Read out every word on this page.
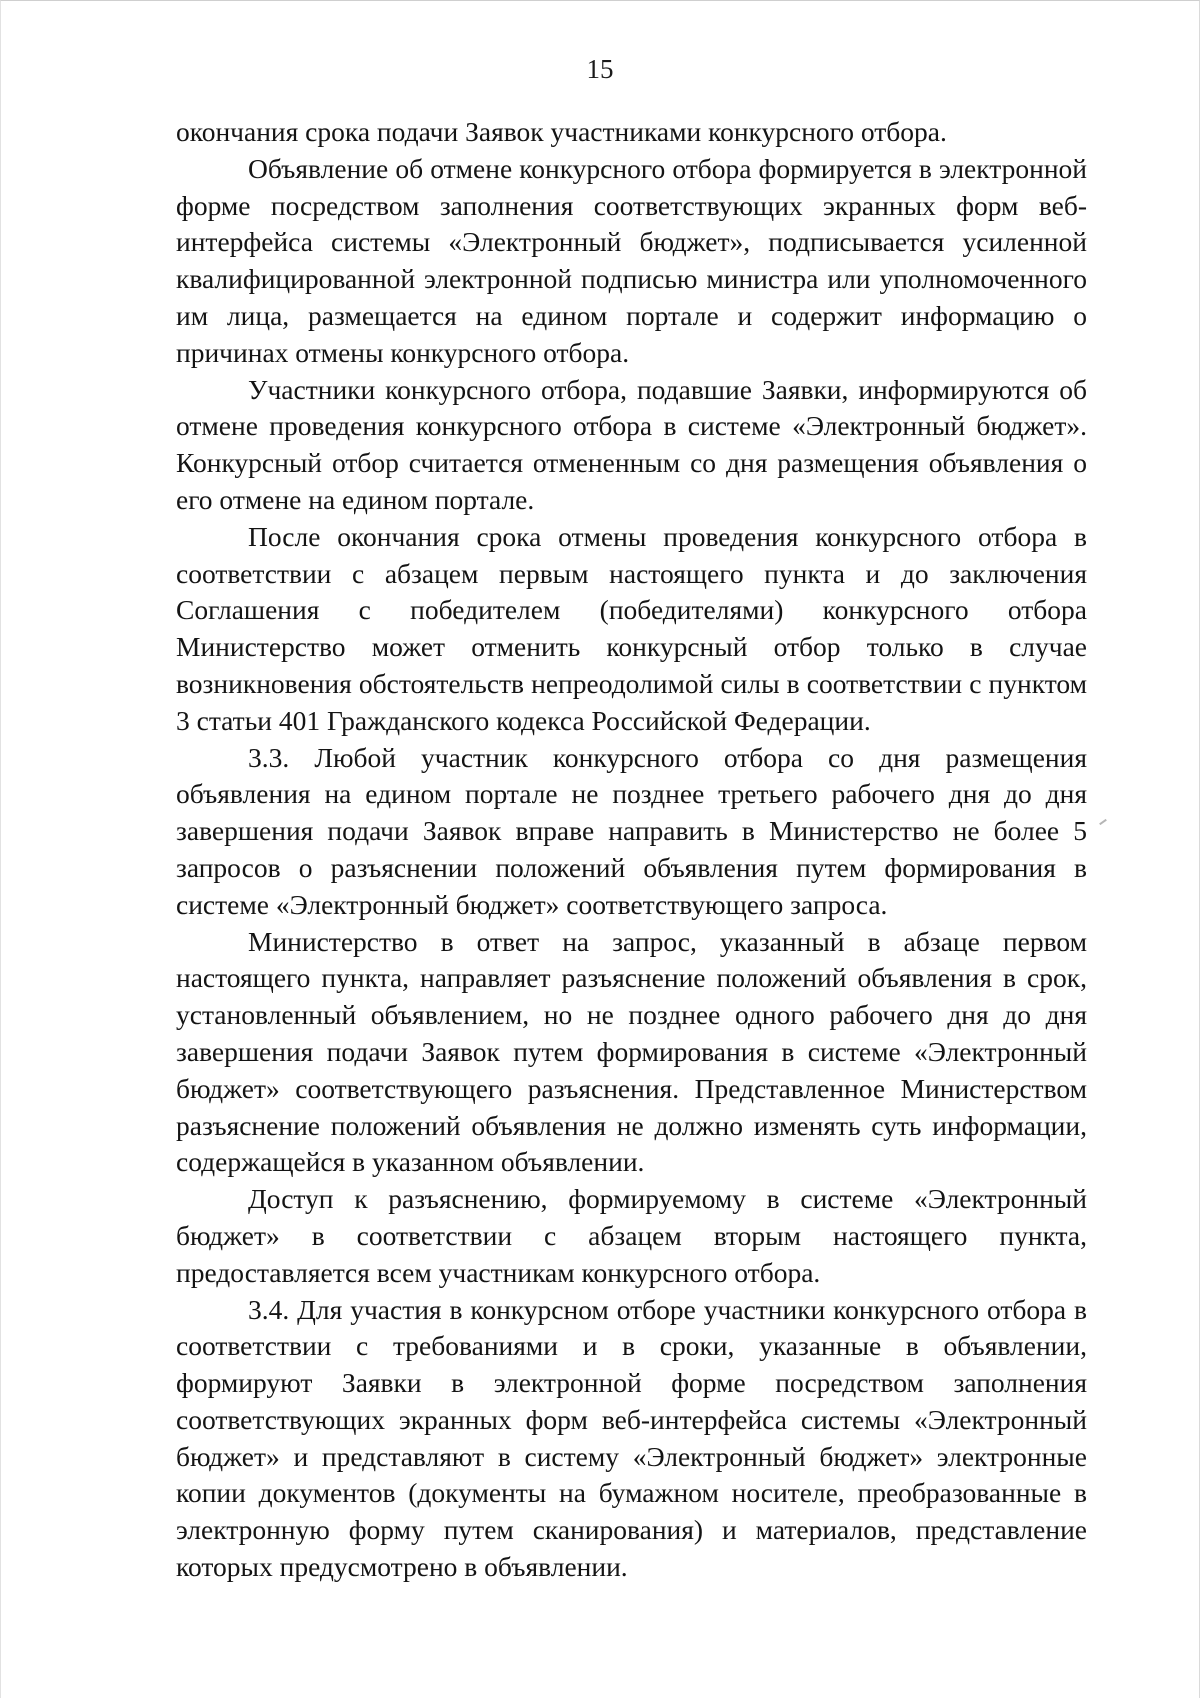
15

окончания срока подачи Заявок участниками конкурсного отбора.

Объявление об отмене конкурсного отбора формируется в электронной форме посредством заполнения соответствующих экранных форм веб-интерфейса системы «Электронный бюджет», подписывается усиленной квалифицированной электронной подписью министра или уполномоченного им лица, размещается на едином портале и содержит информацию о причинах отмены конкурсного отбора.

Участники конкурсного отбора, подавшие Заявки, информируются об отмене проведения конкурсного отбора в системе «Электронный бюджет». Конкурсный отбор считается отмененным со дня размещения объявления о его отмене на едином портале.

После окончания срока отмены проведения конкурсного отбора в соответствии с абзацем первым настоящего пункта и до заключения Соглашения с победителем (победителями) конкурсного отбора Министерство может отменить конкурсный отбор только в случае возникновения обстоятельств непреодолимой силы в соответствии с пунктом 3 статьи 401 Гражданского кодекса Российской Федерации.

3.3. Любой участник конкурсного отбора со дня размещения объявления на едином портале не позднее третьего рабочего дня до дня завершения подачи Заявок вправе направить в Министерство не более 5 запросов о разъяснении положений объявления путем формирования в системе «Электронный бюджет» соответствующего запроса.

Министерство в ответ на запрос, указанный в абзаце первом настоящего пункта, направляет разъяснение положений объявления в срок, установленный объявлением, но не позднее одного рабочего дня до дня завершения подачи Заявок путем формирования в системе «Электронный бюджет» соответствующего разъяснения. Представленное Министерством разъяснение положений объявления не должно изменять суть информации, содержащейся в указанном объявлении.

Доступ к разъяснению, формируемому в системе «Электронный бюджет» в соответствии с абзацем вторым настоящего пункта, предоставляется всем участникам конкурсного отбора.

3.4. Для участия в конкурсном отборе участники конкурсного отбора в соответствии с требованиями и в сроки, указанные в объявлении, формируют Заявки в электронной форме посредством заполнения соответствующих экранных форм веб-интерфейса системы «Электронный бюджет» и представляют в систему «Электронный бюджет» электронные копии документов (документы на бумажном носителе, преобразованные в электронную форму путем сканирования) и материалов, представление которых предусмотрено в объявлении.
